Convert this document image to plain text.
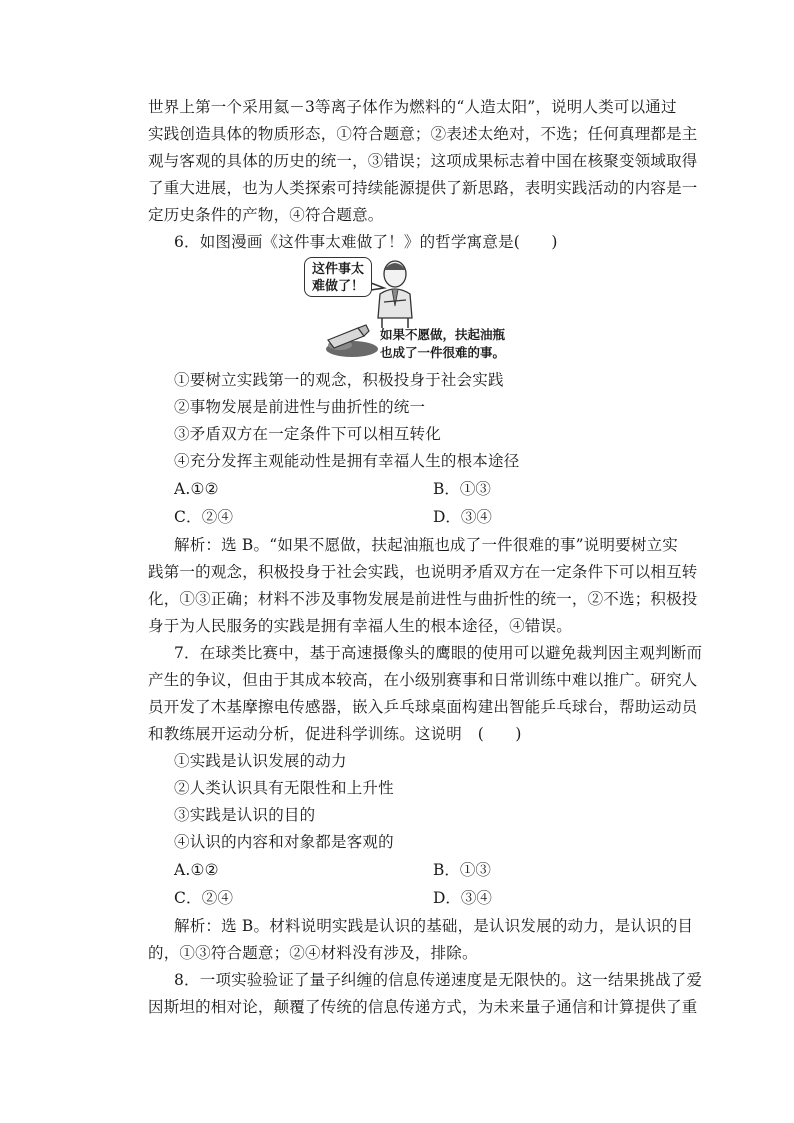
世界上第一个采用氦－3等离子体作为燃料的“人造太阳”，说明人类可以通过
实践创造具体的物质形态，①符合题意；②表述太绝对，不选；任何真理都是主
观与客观的具体的历史的统一，③错误；这项成果标志着中国在核聚变领域取得
了重大进展，也为人类探索可持续能源提供了新思路，表明实践活动的内容是一
定历史条件的产物，④符合题意。
6．如图漫画《这件事太难做了！》的哲学寓意是(　　)
这件事太
难做了！
如果不愿做，扶起油瓶
也成了一件很难的事。
①要树立实践第一的观念，积极投身于社会实践
②事物发展是前进性与曲折性的统一
③矛盾双方在一定条件下可以相互转化
④充分发挥主观能动性是拥有幸福人生的根本途径
A.①②	B．①③
C．②④	D．③④
解析：选 B。“如果不愿做，扶起油瓶也成了一件很难的事”说明要树立实
践第一的观念，积极投身于社会实践，也说明矛盾双方在一定条件下可以相互转
化，①③正确；材料不涉及事物发展是前进性与曲折性的统一，②不选；积极投
身于为人民服务的实践是拥有幸福人生的根本途径，④错误。
7．在球类比赛中，基于高速摄像头的鹰眼的使用可以避免裁判因主观判断而
产生的争议，但由于其成本较高，在小级别赛事和日常训练中难以推广。研究人
员开发了木基摩擦电传感器，嵌入乒乓球桌面构建出智能乒乓球台，帮助运动员
和教练展开运动分析，促进科学训练。这说明　(　　)
①实践是认识发展的动力
②人类认识具有无限性和上升性
③实践是认识的目的
④认识的内容和对象都是客观的
A.①②	B．①③
C．②④	D．③④
解析：选 B。材料说明实践是认识的基础，是认识发展的动力，是认识的目
的，①③符合题意；②④材料没有涉及，排除。
8．一项实验验证了量子纠缠的信息传递速度是无限快的。这一结果挑战了爱
因斯坦的相对论，颠覆了传统的信息传递方式，为未来量子通信和计算提供了重
